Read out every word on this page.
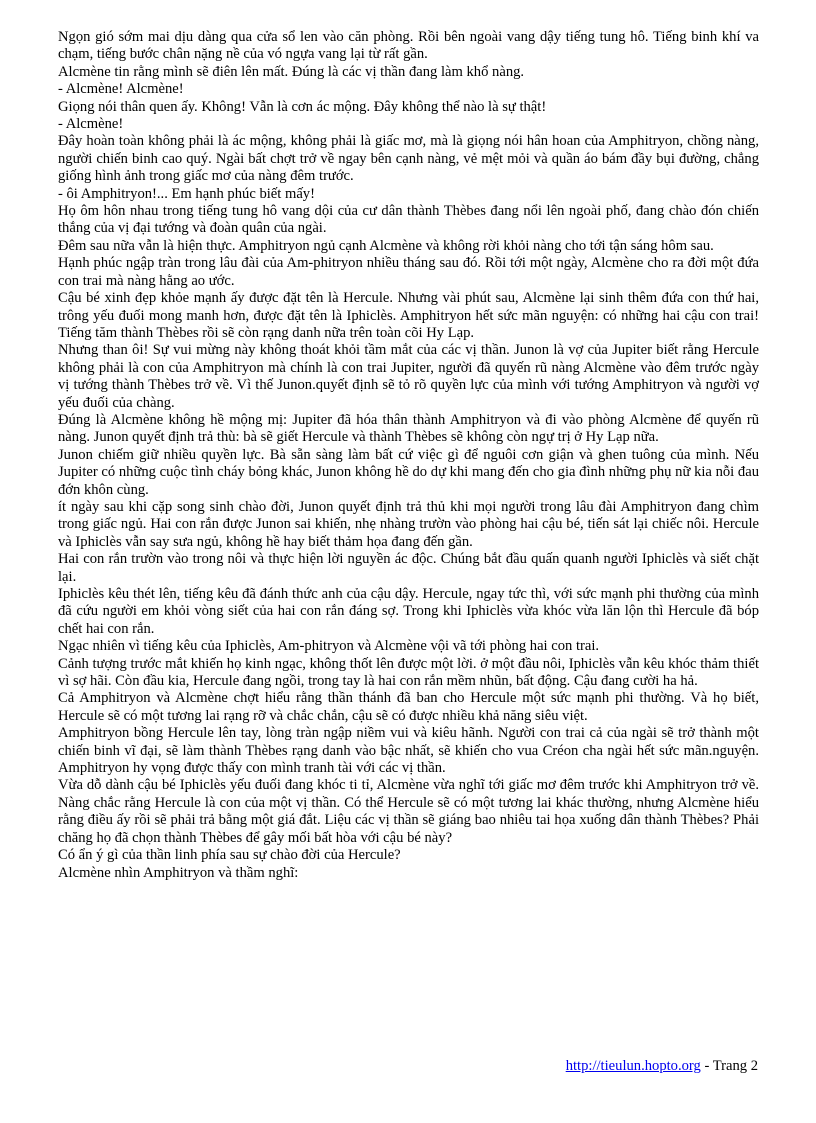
Ngọn gió sớm mai dịu dàng qua cửa sổ len vào căn phòng. Rồi bên ngoài vang dậy tiếng tung hô. Tiếng binh khí va chạm, tiếng bước chân nặng nề của vó ngựa vang lại từ rất gần.

Alcmène tin rằng mình sẽ điên lên mất. Đúng là các vị thần đang làm khổ nàng.

- Alcmène! Alcmène!

Giọng nói thân quen ấy. Không! Vẫn là cơn ác mộng. Đây không thể nào là sự thật!

- Alcmène!

Đây hoàn toàn không phải là ác mộng, không phải là giấc mơ, mà là giọng nói hân hoan của Amphitryon, chồng nàng, người chiến binh cao quý. Ngài bất chợt trở về ngay bên cạnh nàng, vẻ mệt mỏi và quần áo bám đầy bụi đường, chẳng giống hình ảnh trong giấc mơ của nàng đêm trước.

- ôi Amphitryon!... Em hạnh phúc biết mấy!

Họ ôm hôn nhau trong tiếng tung hô vang dội của cư dân thành Thèbes đang nổi lên ngoài phố, đang chào đón chiến thắng của vị đại tướng và đoàn quân của ngài.

Đêm sau nữa vẫn là hiện thực. Amphitryon ngủ cạnh Alcmène và không rời khỏi nàng cho tới tận sáng hôm sau.

Hạnh phúc ngập tràn trong lâu đài của Am-phitryon nhiều tháng sau đó. Rồi tới một ngày, Alcmène cho ra đời một đứa con trai mà nàng hằng ao ước.

Cậu bé xinh đẹp khỏe mạnh ấy được đặt tên là Hercule. Nhưng vài phút sau, Alcmène lại sinh thêm đứa con thứ hai, trông yếu đuối mong manh hơn, được đặt tên là Iphiclès. Amphitryon hết sức mãn nguyện: có những hai cậu con trai! Tiếng tăm thành Thèbes rồi sẽ còn rạng danh nữa trên toàn cõi Hy Lạp.

Nhưng than ôi! Sự vui mừng này không thoát khỏi tầm mắt của các vị thần. Junon là vợ của Jupiter biết rằng Hercule không phải là con của Amphitryon mà chính là con trai Jupiter, người đã quyến rũ nàng Alcmène vào đêm trước ngày vị tướng thành Thèbes trở về. Vì thế Junon.quyết định sẽ tỏ rõ quyền lực của mình với tướng Amphitryon và người vợ yếu đuối của chàng.

Đúng là Alcmène không hề mộng mị: Jupiter đã hóa thân thành Amphitryon và đi vào phòng Alcmène để quyến rũ nàng. Junon quyết định trả thù: bà sẽ giết Hercule và thành Thèbes sẽ không còn ngự trị ở Hy Lạp nữa.

Junon chiếm giữ nhiều quyền lực. Bà sẵn sàng làm bất cứ việc gì để nguôi cơn giận và ghen tuông của mình. Nếu Jupiter có những cuộc tình cháy bỏng khác, Junon không hề do dự khi mang đến cho gia đình những phụ nữ kia nỗi đau đớn khôn cùng.

ít ngày sau khi cặp song sinh chào đời, Junon quyết định trả thủ khi mọi người trong lâu đài Amphitryon đang chìm trong giấc ngủ. Hai con rắn được Junon sai khiến, nhẹ nhàng trườn vào phòng hai cậu bé, tiến sát lại chiếc nôi. Hercule và Iphiclès vẫn say sưa ngủ, không hề hay biết thảm họa đang đến gần.

Hai con rắn trườn vào trong nôi và thực hiện lời nguyền ác độc. Chúng bắt đầu quấn quanh người Iphiclès và siết chặt lại.

Iphiclès kêu thét lên, tiếng kêu đã đánh thức anh của cậu dậy. Hercule, ngay tức thì, với sức mạnh phi thường của mình đã cứu người em khỏi vòng siết của hai con rắn đáng sợ. Trong khi Iphiclès vừa khóc vừa lăn lộn thì Hercule đã bóp chết hai con rắn.

Ngạc nhiên vì tiếng kêu của Iphiclès, Am-phitryon và Alcmène vội vã tới phòng hai con trai.

Cảnh tượng trước mắt khiến họ kinh ngạc, không thốt lên được một lời. ở một đầu nôi, Iphiclès vẫn kêu khóc thảm thiết vì sợ hãi. Còn đầu kia, Hercule đang ngồi, trong tay là hai con rắn mềm nhũn, bất động. Cậu đang cười ha hả.

Cả Amphitryon và Alcmène chợt hiểu rằng thần thánh đã ban cho Hercule một sức mạnh phi thường. Và họ biết, Hercule sẽ có một tương lai rạng rỡ và chắc chắn, cậu sẽ có được nhiều khả năng siêu việt.

Amphitryon bồng Hercule lên tay, lòng tràn ngập niềm vui và kiêu hãnh. Người con trai cả của ngài sẽ trở thành một chiến binh vĩ đại, sẽ làm thành Thèbes rạng danh vào bậc nhất, sẽ khiến cho vua Créon cha ngài hết sức mãn.nguyện. Amphitryon hy vọng được thấy con mình tranh tài với các vị thần.

Vừa dỗ dành cậu bé Iphiclès yếu đuối đang khóc ti tỉ, Alcmène vừa nghĩ tới giấc mơ đêm trước khi Amphitryon trở về. Nàng chắc rằng Hercule là con của một vị thần. Có thể Hercule sẽ có một tương lai khác thường, nhưng Alcmène hiểu rằng điều ấy rồi sẽ phải trả bằng một giá đắt. Liệu các vị thần sẽ giáng bao nhiêu tai họa xuống dân thành Thèbes? Phải chăng họ đã chọn thành Thèbes để gây mối bất hòa với cậu bé này?

Có ẩn ý gì của thần linh phía sau sự chào đời của Hercule?

Alcmène nhìn Amphitryon và thầm nghĩ:

http://tieulun.hopto.org - Trang 2
